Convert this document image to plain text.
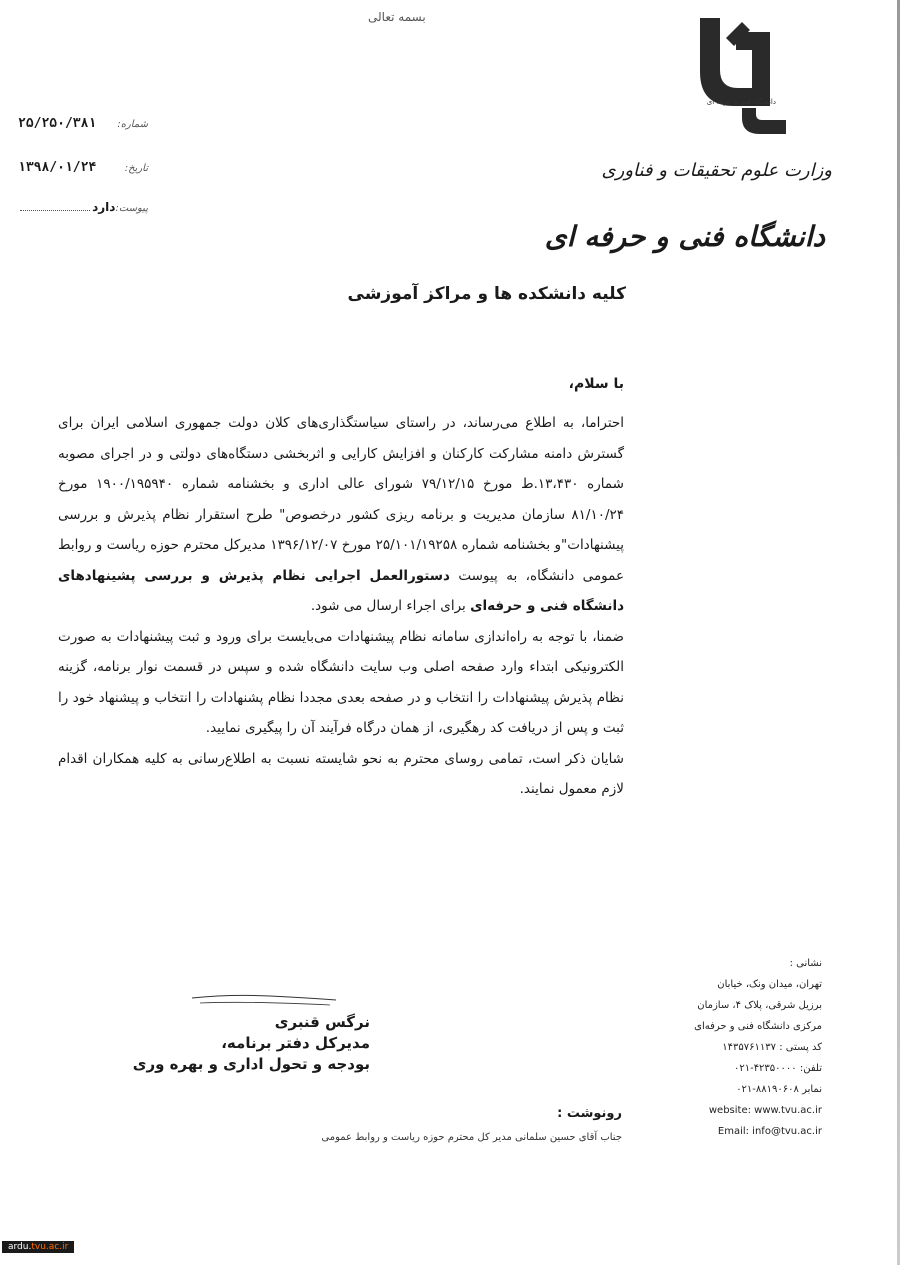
بسمه تعالی
۲۵/۲۵۰/۳۸۱ شماره:
۱۳۹۸/۰۱/۲۴	تاریخ:
دارد پیوست:
دانشگاه فنی و حرفه ای
وزارت علوم تحقیقات و فناوری
دانشگاه فنی و حرفه ای
کلیه دانشکده ها و مراکز آموزشی
با سلام،

احتراما، به اطلاع می‌رساند، در راستای سیاستگذاری‌های کلان دولت جمهوری اسلامی ایران برای گسترش دامنه مشارکت کارکنان و افزایش کارایی و اثربخشی دستگاه‌های دولتی و در اجرای مصوبه شماره ۱۳،۴۳۰.ط مورخ ۷۹/۱۲/۱۵ شورای عالی اداری و بخشنامه شماره ۱۹۰۰/۱۹۵۹۴۰ مورخ ۸۱/۱۰/۲۴ سازمان مدیریت و برنامه ریزی کشور درخصوص" طرح استقرار نظام پذیرش و بررسی پیشنهادات"و بخشنامه شماره ۲۵/۱۰۱/۱۹۲۵۸ مورخ ۱۳۹۶/۱۲/۰۷ مدیرکل محترم حوزه ریاست و روابط عمومی دانشگاه، به پیوست دستورالعمل اجرایی نظام پذیرش و بررسی پشینهادهای دانشگاه فنی و حرفه‌ای برای اجراء ارسال می شود.

ضمنا، با توجه به راه‌اندازی سامانه نظام پیشنهادات می‌بایست برای ورود و ثبت پیشنهادات به صورت الکترونیکی ابتداء وارد صفحه اصلی وب سایت دانشگاه شده و سپس در قسمت نوار برنامه، گزینه نظام پذیرش پیشنهادات را انتخاب و در صفحه بعدی مجددا نظام پشنهادات را انتخاب و پیشنهاد خود را ثبت و پس از دریافت کد رهگیری، از همان درگاه فرآیند آن را پیگیری نمایید.

شایان ذکر است، تمامی روسای محترم به نحو شایسته نسبت به اطلاع‌رسانی به کلیه همکاران اقدام لازم معمول نمایند.

نرگس قنبری
مدیرکل دفتر برنامه،
بودجه و تحول اداری و بهره وری
رونوشت :
جناب آقای حسین سلمانی مدیر کل محترم حوزه ریاست و روابط عمومی
نشانی :
تهران، میدان ونک، خیابان
برزیل شرقی، پلاک ۴، سازمان
مرکزی دانشگاه فنی و حرفه‌ای
کد پستی : ۱۴۳۵۷۶۱۱۳۷
تلفن: ۰۲۱-۴۲۳۵۰۰۰۰
نمابر ۰۲۱-۸۸۱۹۰۶۰۸
website: www.tvu.ac.ir
Email: info@tvu.ac.ir
ardu.tvu.ac.ir
